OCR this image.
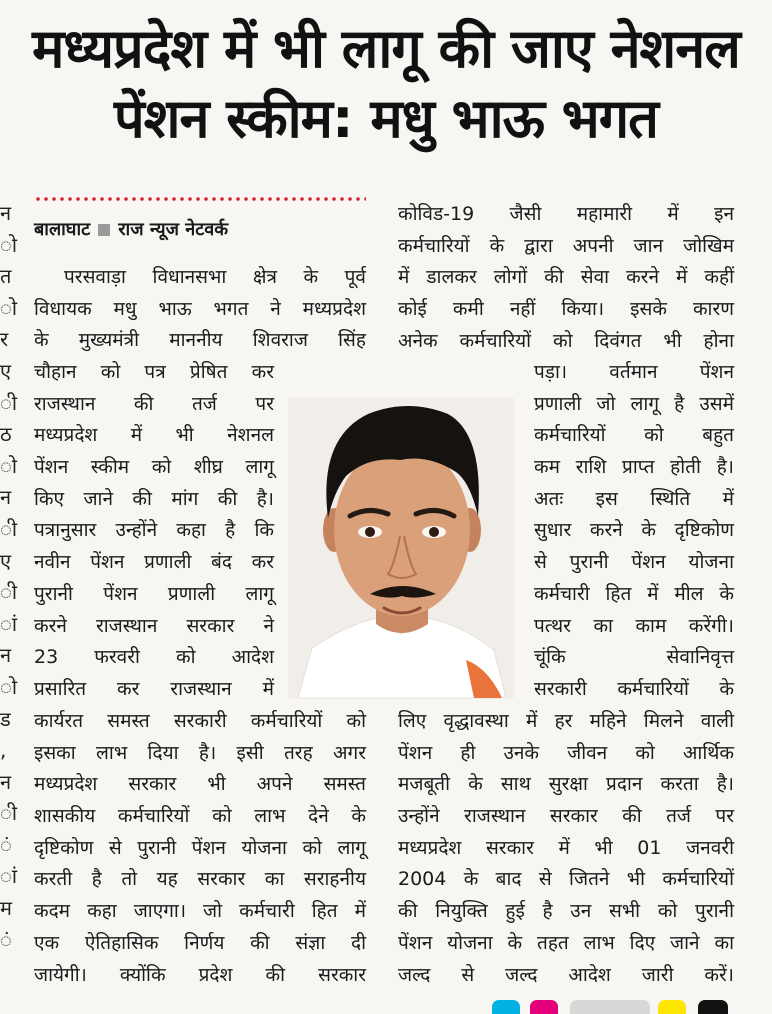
मध्यप्रदेश में भी लागू की जाए नेशनल
पेंशन स्कीम: मधु भाऊ भगत
न
ो
त
ो
र
ए
ी
ठ
ो
न
ी
ए
ी
ां
न
ो
ड
,
न
ी
ं
ां
म
ं
बालाघाट राज न्यूज नेटवर्क
परसवाड़ा विधानसभा क्षेत्र के पूर्व
विधायक मधु भाऊ भगत ने मध्यप्रदेश
के मुख्यमंत्री माननीय शिवराज सिंह
चौहान को पत्र प्रेषित कर
राजस्थान की तर्ज पर
मध्यप्रदेश में भी नेशनल
पेंशन स्कीम को शीघ्र लागू
किए जाने की मांग की है।
पत्रानुसार उन्होंने कहा है कि
नवीन पेंशन प्रणाली बंद कर
पुरानी पेंशन प्रणाली लागू
करने राजस्थान सरकार ने
23 फरवरी को आदेश
प्रसारित कर राजस्थान में
कार्यरत समस्त सरकारी कर्मचारियों को
इसका लाभ दिया है। इसी तरह अगर
मध्यप्रदेश सरकार भी अपने समस्त
शासकीय कर्मचारियों को लाभ देने के
दृष्टिकोण से पुरानी पेंशन योजना को लागू
करती है तो यह सरकार का सराहनीय
कदम कहा जाएगा। जो कर्मचारी हित में
एक ऐतिहासिक निर्णय की संज्ञा दी
जायेगी। क्योंकि प्रदेश की सरकार
कोविड-19 जैसी महामारी में इन
कर्मचारियों के द्वारा अपनी जान जोखिम
में डालकर लोगों की सेवा करने में कहीं
कोई कमी नहीं किया। इसके कारण
अनेक कर्मचारियों को दिवंगत भी होना
पड़ा। वर्तमान पेंशन
प्रणाली जो लागू है उसमें
कर्मचारियों को बहुत
कम राशि प्राप्त होती है।
अतः इस स्थिति में
सुधार करने के दृष्टिकोण
से पुरानी पेंशन योजना
कर्मचारी हित में मील के
पत्थर का काम करेंगी।
चूंकि सेवानिवृत्त
सरकारी कर्मचारियों के
लिए वृद्धावस्था में हर महिने मिलने वाली
पेंशन ही उनके जीवन को आर्थिक
मजबूती के साथ सुरक्षा प्रदान करता है।
उन्होंने राजस्थान सरकार की तर्ज पर
मध्यप्रदेश सरकार में भी 01 जनवरी
2004 के बाद से जितने भी कर्मचारियों
की नियुक्ति हुई है उन सभी को पुरानी
पेंशन योजना के तहत लाभ दिए जाने का
जल्द से जल्द आदेश जारी करें।
